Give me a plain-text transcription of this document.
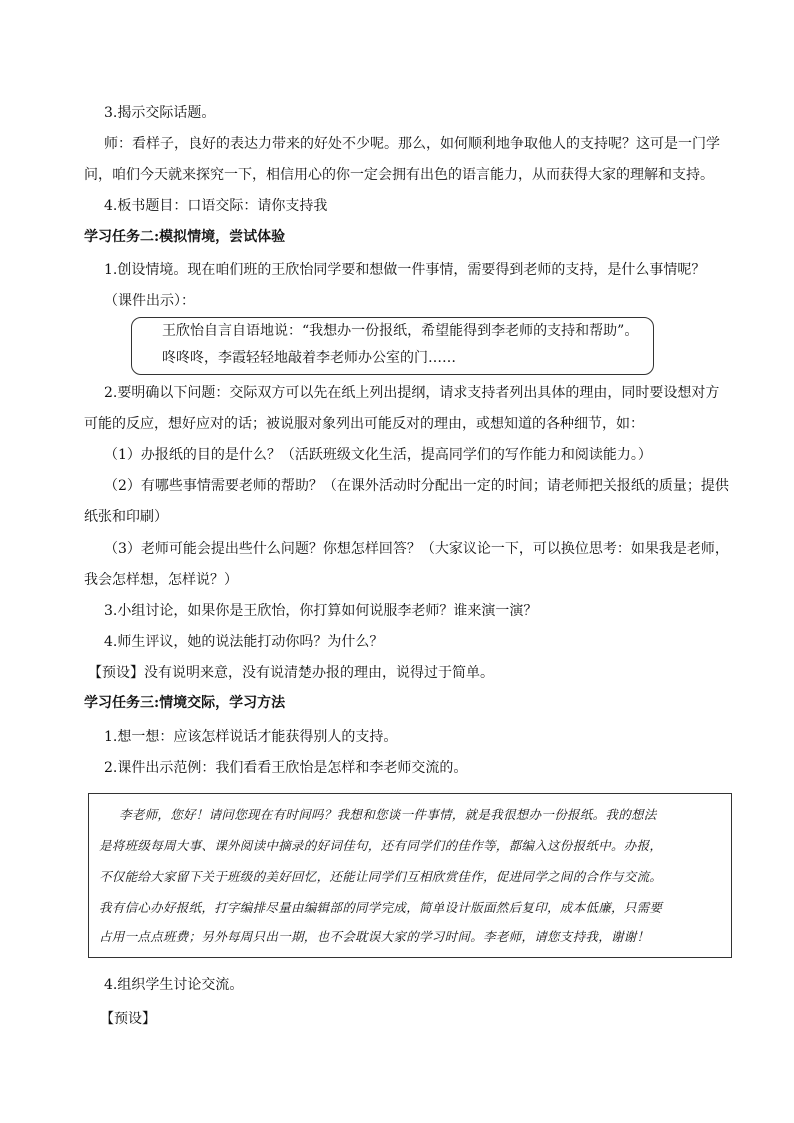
3.揭示交际话题。
师：看样子，良好的表达力带来的好处不少呢。那么，如何顺利地争取他人的支持呢？这可是一门学
问，咱们今天就来探究一下，相信用心的你一定会拥有出色的语言能力，从而获得大家的理解和支持。
4.板书题目：口语交际：请你支持我
学习任务二:模拟情境，尝试体验
1.创设情境。现在咱们班的王欣怡同学要和想做一件事情，需要得到老师的支持，是什么事情呢？
（课件出示）：
王欣怡自言自语地说：“我想办一份报纸，希望能得到李老师的支持和帮助”。
咚咚咚，李霞轻轻地敲着李老师办公室的门……
2.要明确以下问题：交际双方可以先在纸上列出提纲，请求支持者列出具体的理由，同时要设想对方
可能的反应，想好应对的话；被说服对象列出可能反对的理由，或想知道的各种细节，如：
（1）办报纸的目的是什么？（活跃班级文化生活，提高同学们的写作能力和阅读能力。）
（2）有哪些事情需要老师的帮助？（在课外活动时分配出一定的时间；请老师把关报纸的质量；提供
纸张和印刷）
（3）老师可能会提出些什么问题？你想怎样回答？（大家议论一下，可以换位思考：如果我是老师，
我会怎样想，怎样说？）
3.小组讨论，如果你是王欣怡，你打算如何说服李老师？谁来演一演？
4.师生评议，她的说法能打动你吗？为什么？
【预设】没有说明来意，没有说清楚办报的理由，说得过于简单。
学习任务三:情境交际，学习方法
1.想一想：应该怎样说话才能获得别人的支持。
2.课件出示范例：我们看看王欣怡是怎样和李老师交流的。
李老师，您好！请问您现在有时间吗？我想和您谈一件事情，就是我很想办一份报纸。我的想法
是将班级每周大事、课外阅读中摘录的好词佳句，还有同学们的佳作等，都编入这份报纸中。办报，
不仅能给大家留下关于班级的美好回忆，还能让同学们互相欣赏佳作，促进同学之间的合作与交流。
我有信心办好报纸，打字编排尽量由编辑部的同学完成，简单设计版面然后复印，成本低廉，只需要
占用一点点班费；另外每周只出一期，也不会耽误大家的学习时间。李老师，请您支持我，谢谢！
4.组织学生讨论交流。
【预设】
